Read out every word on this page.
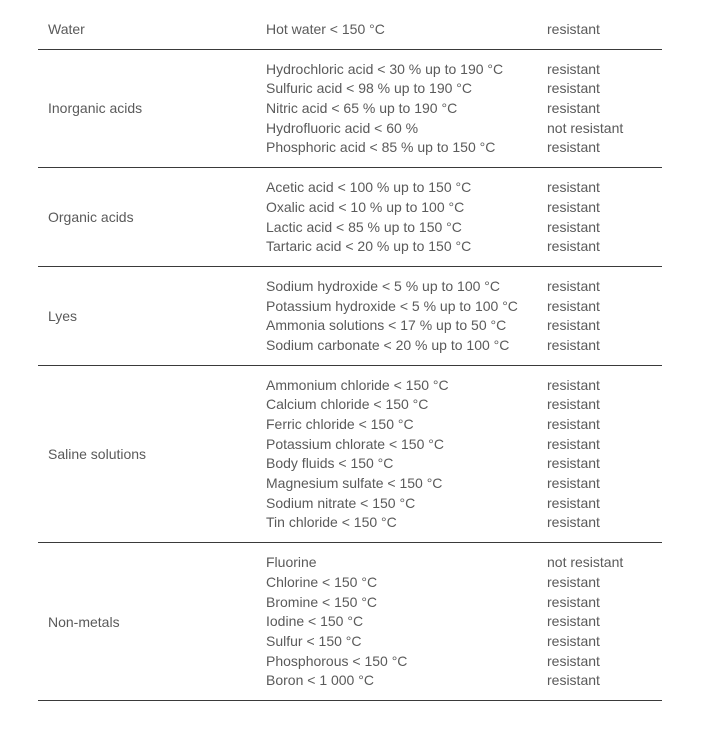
Water	Hot water < 150 °C	resistant
Inorganic acids
Hydrochloric acid < 30 % up to 190 °C	resistant
Sulfuric acid < 98 % up to 190 °C	resistant
Nitric acid < 65 % up to 190 °C	resistant
Hydrofluoric acid < 60 %	not resistant
Phosphoric acid < 85 % up to 150 °C	resistant
Organic acids
Acetic acid < 100 % up to 150 °C	resistant
Oxalic acid < 10 % up to 100 °C	resistant
Lactic acid < 85 % up to 150 °C	resistant
Tartaric acid < 20 % up to 150 °C	resistant
Lyes
Sodium hydroxide < 5 % up to 100 °C	resistant
Potassium hydroxide < 5 % up to 100 °C	resistant
Ammonia solutions < 17 % up to 50 °C	resistant
Sodium carbonate < 20 % up to 100 °C	resistant
Saline solutions
Ammonium chloride < 150 °C	resistant
Calcium chloride < 150 °C	resistant
Ferric chloride < 150 °C	resistant
Potassium chlorate < 150 °C	resistant
Body fluids < 150 °C	resistant
Magnesium sulfate < 150 °C	resistant
Sodium nitrate < 150 °C	resistant
Tin chloride < 150 °C	resistant
Non-metals
Fluorine	not resistant
Chlorine < 150 °C	resistant
Bromine < 150 °C	resistant
Iodine < 150 °C	resistant
Sulfur < 150 °C	resistant
Phosphorous < 150 °C	resistant
Boron < 1 000 °C	resistant
